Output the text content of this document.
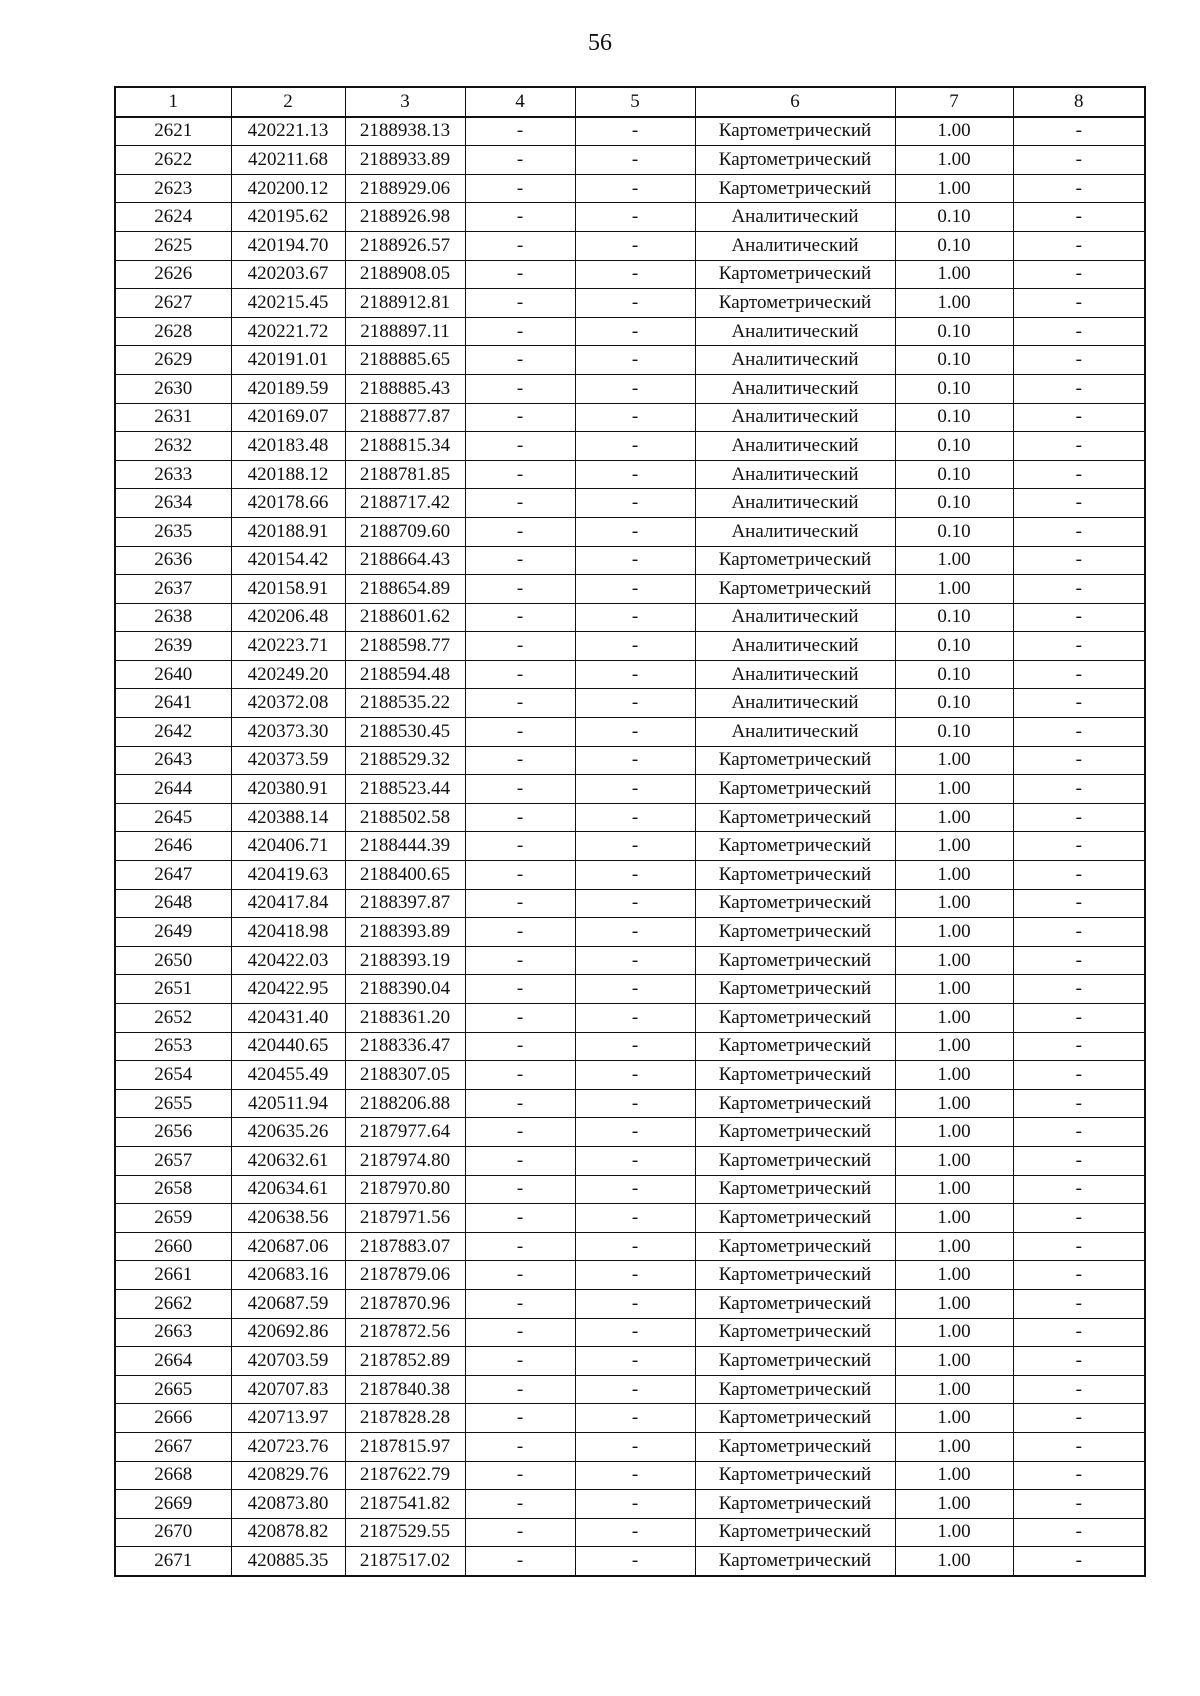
56
1	2	3	4	5	6	7	8
2621	420221.13	2188938.13	-	-	Картометрический	1.00	-
2622	420211.68	2188933.89	-	-	Картометрический	1.00	-
2623	420200.12	2188929.06	-	-	Картометрический	1.00	-
2624	420195.62	2188926.98	-	-	Аналитический	0.10	-
2625	420194.70	2188926.57	-	-	Аналитический	0.10	-
2626	420203.67	2188908.05	-	-	Картометрический	1.00	-
2627	420215.45	2188912.81	-	-	Картометрический	1.00	-
2628	420221.72	2188897.11	-	-	Аналитический	0.10	-
2629	420191.01	2188885.65	-	-	Аналитический	0.10	-
2630	420189.59	2188885.43	-	-	Аналитический	0.10	-
2631	420169.07	2188877.87	-	-	Аналитический	0.10	-
2632	420183.48	2188815.34	-	-	Аналитический	0.10	-
2633	420188.12	2188781.85	-	-	Аналитический	0.10	-
2634	420178.66	2188717.42	-	-	Аналитический	0.10	-
2635	420188.91	2188709.60	-	-	Аналитический	0.10	-
2636	420154.42	2188664.43	-	-	Картометрический	1.00	-
2637	420158.91	2188654.89	-	-	Картометрический	1.00	-
2638	420206.48	2188601.62	-	-	Аналитический	0.10	-
2639	420223.71	2188598.77	-	-	Аналитический	0.10	-
2640	420249.20	2188594.48	-	-	Аналитический	0.10	-
2641	420372.08	2188535.22	-	-	Аналитический	0.10	-
2642	420373.30	2188530.45	-	-	Аналитический	0.10	-
2643	420373.59	2188529.32	-	-	Картометрический	1.00	-
2644	420380.91	2188523.44	-	-	Картометрический	1.00	-
2645	420388.14	2188502.58	-	-	Картометрический	1.00	-
2646	420406.71	2188444.39	-	-	Картометрический	1.00	-
2647	420419.63	2188400.65	-	-	Картометрический	1.00	-
2648	420417.84	2188397.87	-	-	Картометрический	1.00	-
2649	420418.98	2188393.89	-	-	Картометрический	1.00	-
2650	420422.03	2188393.19	-	-	Картометрический	1.00	-
2651	420422.95	2188390.04	-	-	Картометрический	1.00	-
2652	420431.40	2188361.20	-	-	Картометрический	1.00	-
2653	420440.65	2188336.47	-	-	Картометрический	1.00	-
2654	420455.49	2188307.05	-	-	Картометрический	1.00	-
2655	420511.94	2188206.88	-	-	Картометрический	1.00	-
2656	420635.26	2187977.64	-	-	Картометрический	1.00	-
2657	420632.61	2187974.80	-	-	Картометрический	1.00	-
2658	420634.61	2187970.80	-	-	Картометрический	1.00	-
2659	420638.56	2187971.56	-	-	Картометрический	1.00	-
2660	420687.06	2187883.07	-	-	Картометрический	1.00	-
2661	420683.16	2187879.06	-	-	Картометрический	1.00	-
2662	420687.59	2187870.96	-	-	Картометрический	1.00	-
2663	420692.86	2187872.56	-	-	Картометрический	1.00	-
2664	420703.59	2187852.89	-	-	Картометрический	1.00	-
2665	420707.83	2187840.38	-	-	Картометрический	1.00	-
2666	420713.97	2187828.28	-	-	Картометрический	1.00	-
2667	420723.76	2187815.97	-	-	Картометрический	1.00	-
2668	420829.76	2187622.79	-	-	Картометрический	1.00	-
2669	420873.80	2187541.82	-	-	Картометрический	1.00	-
2670	420878.82	2187529.55	-	-	Картометрический	1.00	-
2671	420885.35	2187517.02	-	-	Картометрический	1.00	-
